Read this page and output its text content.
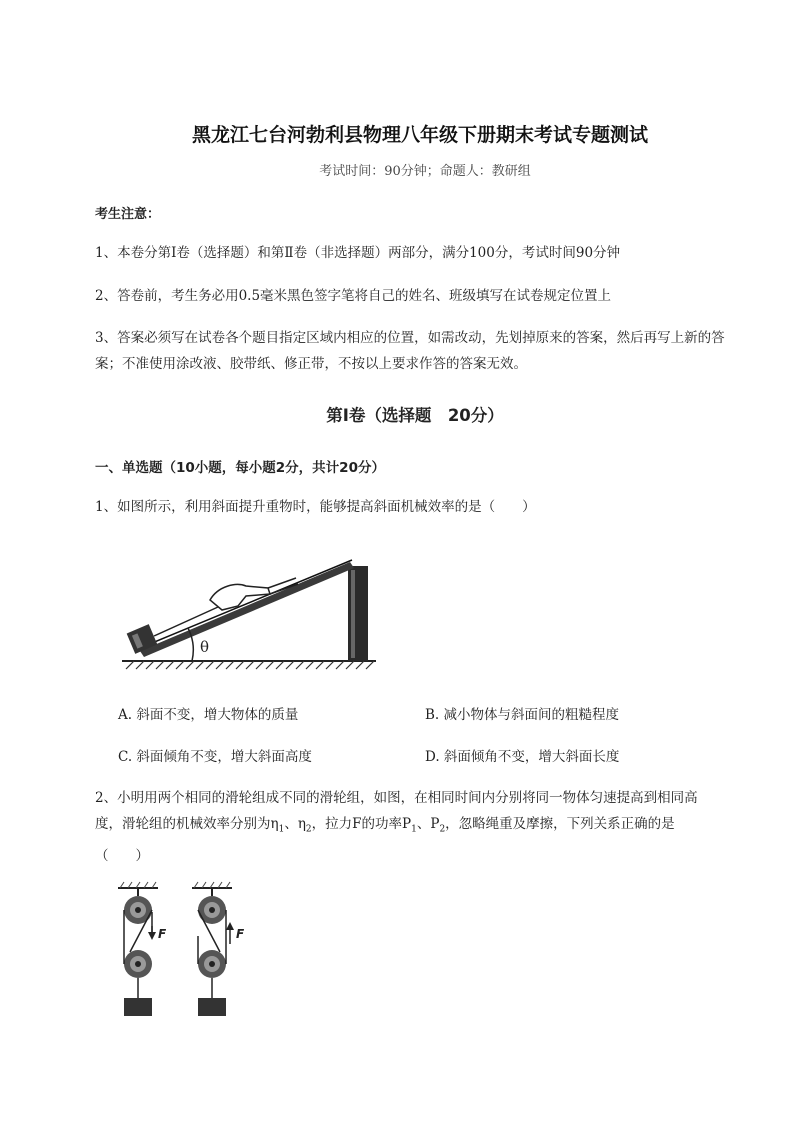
黑龙江七台河勃利县物理八年级下册期末考试专题测试
考试时间：90分钟；命题人：教研组
考生注意：
1、本卷分第Ⅰ卷（选择题）和第Ⅱ卷（非选择题）两部分，满分100分，考试时间90分钟
2、答卷前，考生务必用0.5毫米黑色签字笔将自己的姓名、班级填写在试卷规定位置上
3、答案必须写在试卷各个题目指定区域内相应的位置，如需改动，先划掉原来的答案，然后再写上新的答案；不准使用涂改液、胶带纸、修正带，不按以上要求作答的答案无效。
第Ⅰ卷（选择题　20分）
一、单选题（10小题，每小题2分，共计20分）
1、如图所示，利用斜面提升重物时，能够提高斜面机械效率的是（　　）
θ
A. 斜面不变，增大物体的质量	B. 减小物体与斜面间的粗糙程度
C. 斜面倾角不变，增大斜面高度	D. 斜面倾角不变，增大斜面长度
2、小明用两个相同的滑轮组成不同的滑轮组，如图，在相同时间内分别将同一物体匀速提高到相同高
度，滑轮组的机械效率分别为$\eta_1$、$\eta_2$，拉力F的功率$P_1$、$P_2$，忽略绳重及摩擦，下列关系正确的是
（　　）
F	F
